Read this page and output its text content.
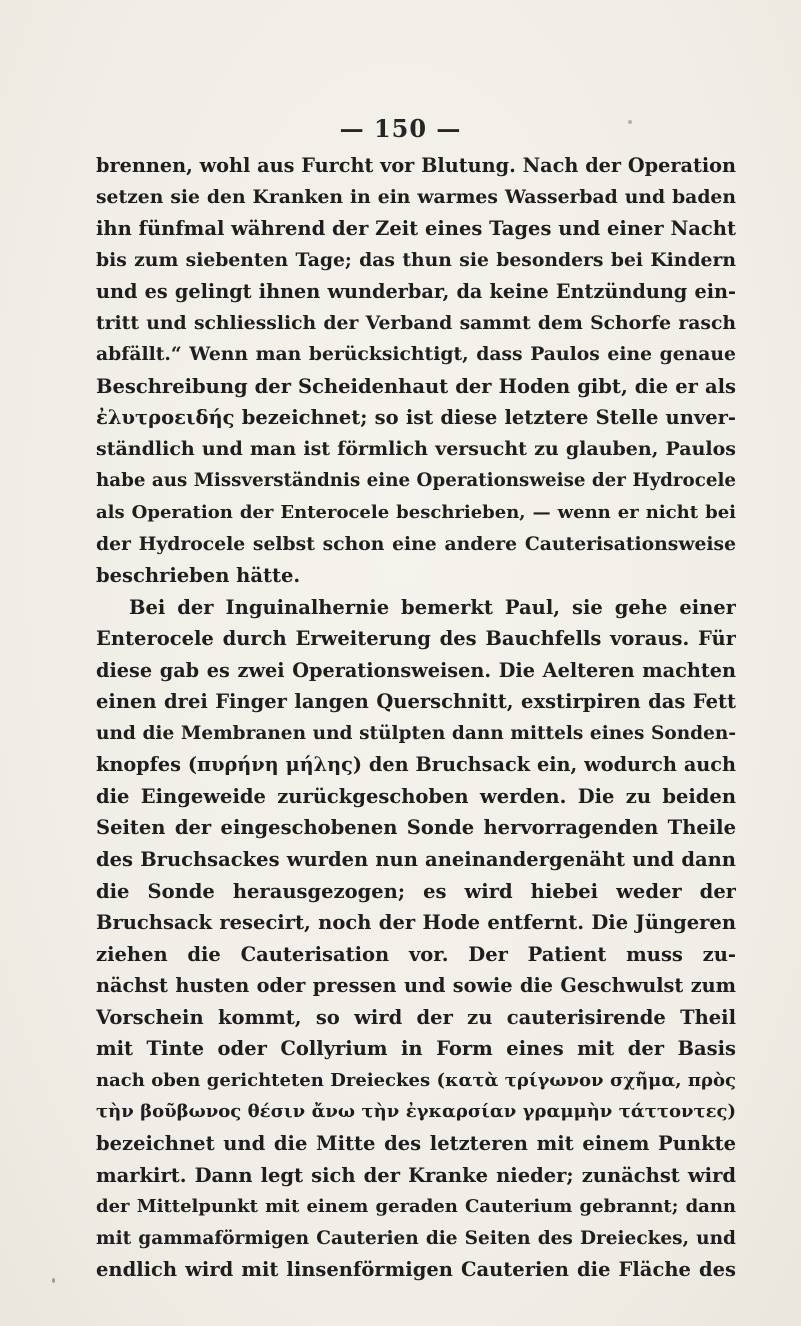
— 150 —
brennen, wohl aus Furcht vor Blutung. Nach der Operation
setzen sie den Kranken in ein warmes Wasserbad und baden
ihn fünfmal während der Zeit eines Tages und einer Nacht
bis zum siebenten Tage; das thun sie besonders bei Kindern
und es gelingt ihnen wunderbar, da keine Entzündung ein-
tritt und schliesslich der Verband sammt dem Schorfe rasch
abfällt.“ Wenn man berücksichtigt, dass Paulos eine genaue
Beschreibung der Scheidenhaut der Hoden gibt, die er als
ἐλυτροειδής bezeichnet; so ist diese letztere Stelle unver-
ständlich und man ist förmlich versucht zu glauben, Paulos
habe aus Missverständnis eine Operationsweise der Hydrocele
als Operation der Enterocele beschrieben, — wenn er nicht bei
der Hydrocele selbst schon eine andere Cauterisationsweise
beschrieben hätte.
Bei der Inguinalhernie bemerkt Paul, sie gehe einer
Enterocele durch Erweiterung des Bauchfells voraus. Für
diese gab es zwei Operationsweisen. Die Aelteren machten
einen drei Finger langen Querschnitt, exstirpiren das Fett
und die Membranen und stülpten dann mittels eines Sonden-
knopfes (πυρήνη μήλης) den Bruchsack ein, wodurch auch
die Eingeweide zurückgeschoben werden. Die zu beiden
Seiten der eingeschobenen Sonde hervorragenden Theile
des Bruchsackes wurden nun aneinandergenäht und dann
die Sonde herausgezogen; es wird hiebei weder der
Bruchsack resecirt, noch der Hode entfernt. Die Jüngeren
ziehen die Cauterisation vor. Der Patient muss zu-
nächst husten oder pressen und sowie die Geschwulst zum
Vorschein kommt, so wird der zu cauterisirende Theil
mit Tinte oder Collyrium in Form eines mit der Basis
nach oben gerichteten Dreieckes (κατὰ τρίγωνον σχῆμα, πρὸς
τὴν βοῦβωνος θέσιν ἄνω τὴν ἐγκαρσίαν γραμμὴν τάττοντες)
bezeichnet und die Mitte des letzteren mit einem Punkte
markirt. Dann legt sich der Kranke nieder; zunächst wird
der Mittelpunkt mit einem geraden Cauterium gebrannt; dann
mit gammaförmigen Cauterien die Seiten des Dreieckes, und
endlich wird mit linsenförmigen Cauterien die Fläche des
